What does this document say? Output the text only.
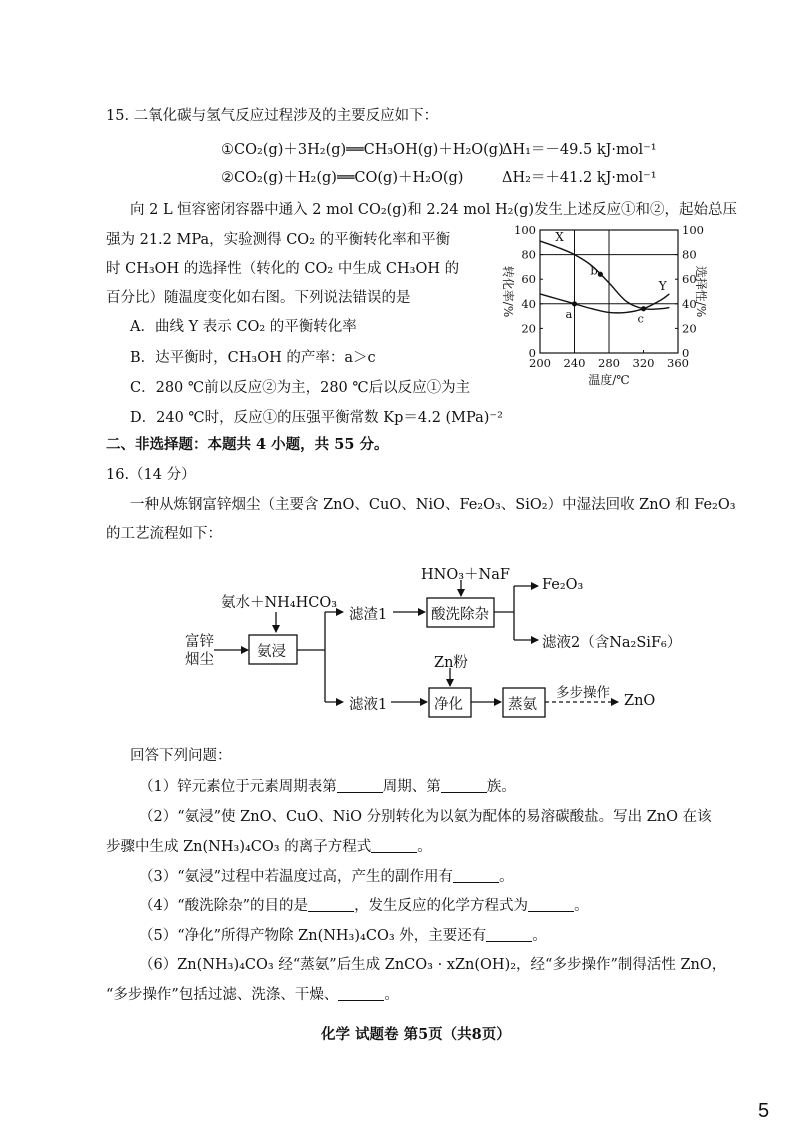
15. 二氧化碳与氢气反应过程涉及的主要反应如下：
①CO₂(g)＋3H₂(g)══CH₃OH(g)＋H₂O(g)
ΔH₁＝－49.5 kJ·mol⁻¹
②CO₂(g)＋H₂(g)══CO(g)＋H₂O(g)	ΔH₂＝＋41.2 kJ·mol⁻¹
向 2 L 恒容密闭容器中通入 2 mol CO₂(g)和 2.24 mol H₂(g)发生上述反应①和②，起始总压
强为 21.2 MPa，实验测得 CO₂ 的平衡转化率和平衡
时 CH₃OH 的选择性（转化的 CO₂ 中生成 CH₃OH 的
百分比）随温度变化如右图。下列说法错误的是
A．曲线 Y 表示 CO₂ 的平衡转化率
B．达平衡时，CH₃OH 的产率：a＞c
C．280 ℃前以反应②为主，280 ℃后以反应①为主
D．240 ℃时，反应①的压强平衡常数 Kp＝4.2 (MPa)⁻²
200 240 280 320 360
0	0
20	20
40	40
60	60
80	80
100	100
温度/℃
转化率/%	选择性/%
X
Y
a
b
c
二、非选择题：本题共 4 小题，共 55 分。
16.（14 分）
一种从炼钢富锌烟尘（主要含 ZnO、CuO、NiO、Fe₂O₃、SiO₂）中湿法回收 ZnO 和 Fe₂O₃
的工艺流程如下：
富锌
烟尘
氨水＋NH₄HCO₃
氨浸
滤渣1
HNO₃＋NaF
酸洗除杂
Fe₂O₃
滤液2（含Na₂SiF₆）
滤液1
Zn粉
净化	蒸氨
多步操作 ZnO
回答下列问题：
（1）锌元素位于元素周期表第	周期、第	族。
（2）“氨浸”使 ZnO、CuO、NiO 分别转化为以氨为配体的易溶碳酸盐。写出 ZnO 在该
步骤中生成 Zn(NH₃)₄CO₃ 的离子方程式	。
（3）“氨浸”过程中若温度过高，产生的副作用有	。
（4）“酸洗除杂”的目的是	，发生反应的化学方程式为	。
（5）“净化”所得产物除 Zn(NH₃)₄CO₃ 外，主要还有	。
（6）Zn(NH₃)₄CO₃ 经“蒸氨”后生成 ZnCO₃ · xZn(OH)₂，经“多步操作”制得活性 ZnO，
“多步操作”包括过滤、洗涤、干燥、	。
化学 试题卷 第5页（共8页）
5
